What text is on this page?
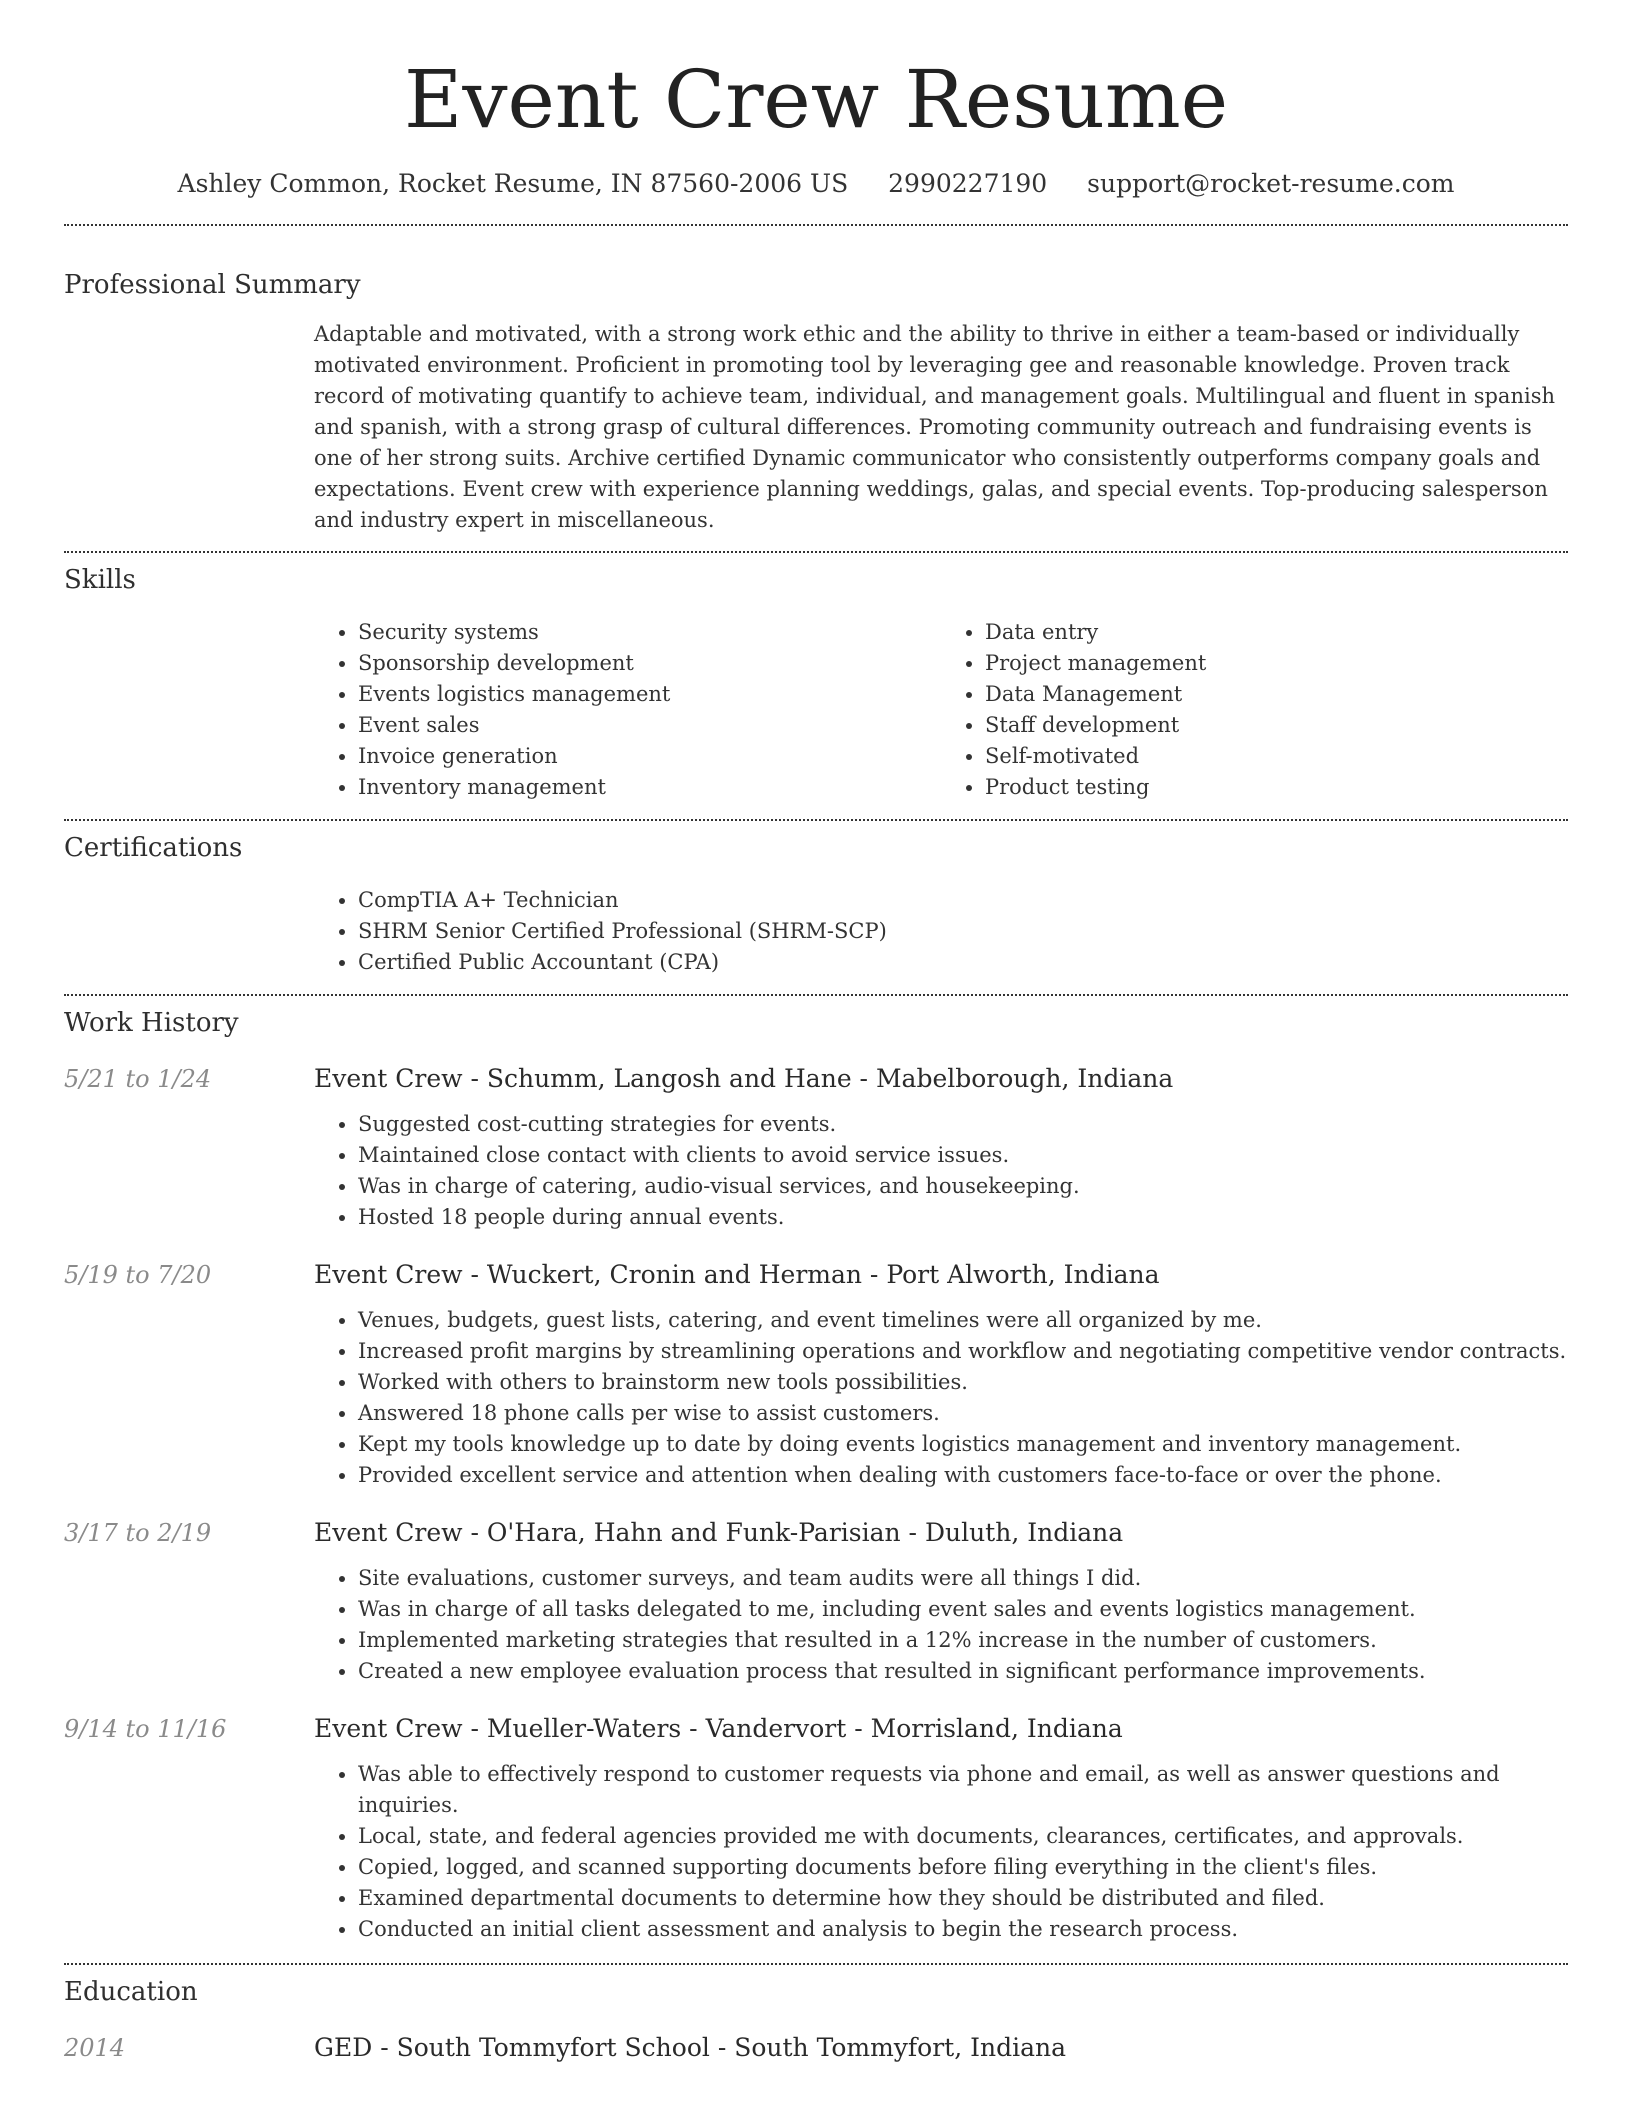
Event Crew Resume
Ashley Common, Rocket Resume, IN 87560-2006 US 2990227190 support@rocket-resume.com
Professional Summary
Adaptable and motivated, with a strong work ethic and the ability to thrive in either a team-based or individually motivated environment. Proficient in promoting tool by leveraging gee and reasonable knowledge. Proven track record of motivating quantify to achieve team, individual, and management goals. Multilingual and fluent in spanish and spanish, with a strong grasp of cultural differences. Promoting community outreach and fundraising events is one of her strong suits. Archive certified Dynamic communicator who consistently outperforms company goals and expectations. Event crew with experience planning weddings, galas, and special events. Top-producing salesperson and industry expert in miscellaneous.
Skills
• Security systems
• Sponsorship development
• Events logistics management
• Event sales
• Invoice generation
• Inventory management
• Data entry
• Project management
• Data Management
• Staff development
• Self-motivated
• Product testing
Certifications
• CompTIA A+ Technician
• SHRM Senior Certified Professional (SHRM-SCP)
• Certified Public Accountant (CPA)
Work History
5/21 to 1/24	Event Crew - Schumm, Langosh and Hane - Mabelborough, Indiana
• Suggested cost-cutting strategies for events.
• Maintained close contact with clients to avoid service issues.
• Was in charge of catering, audio-visual services, and housekeeping.
• Hosted 18 people during annual events.
5/19 to 7/20	Event Crew - Wuckert, Cronin and Herman - Port Alworth, Indiana
• Venues, budgets, guest lists, catering, and event timelines were all organized by me.
• Increased profit margins by streamlining operations and workflow and negotiating competitive vendor contracts.
• Worked with others to brainstorm new tools possibilities.
• Answered 18 phone calls per wise to assist customers.
• Kept my tools knowledge up to date by doing events logistics management and inventory management.
• Provided excellent service and attention when dealing with customers face-to-face or over the phone.
3/17 to 2/19	Event Crew - O'Hara, Hahn and Funk-Parisian - Duluth, Indiana
• Site evaluations, customer surveys, and team audits were all things I did.
• Was in charge of all tasks delegated to me, including event sales and events logistics management.
• Implemented marketing strategies that resulted in a 12% increase in the number of customers.
• Created a new employee evaluation process that resulted in significant performance improvements.
9/14 to 11/16	Event Crew - Mueller-Waters - Vandervort - Morrisland, Indiana
• Was able to effectively respond to customer requests via phone and email, as well as answer questions and inquiries.
• Local, state, and federal agencies provided me with documents, clearances, certificates, and approvals.
• Copied, logged, and scanned supporting documents before filing everything in the client's files.
• Examined departmental documents to determine how they should be distributed and filed.
• Conducted an initial client assessment and analysis to begin the research process.
Education
2014	GED - South Tommyfort School - South Tommyfort, Indiana
